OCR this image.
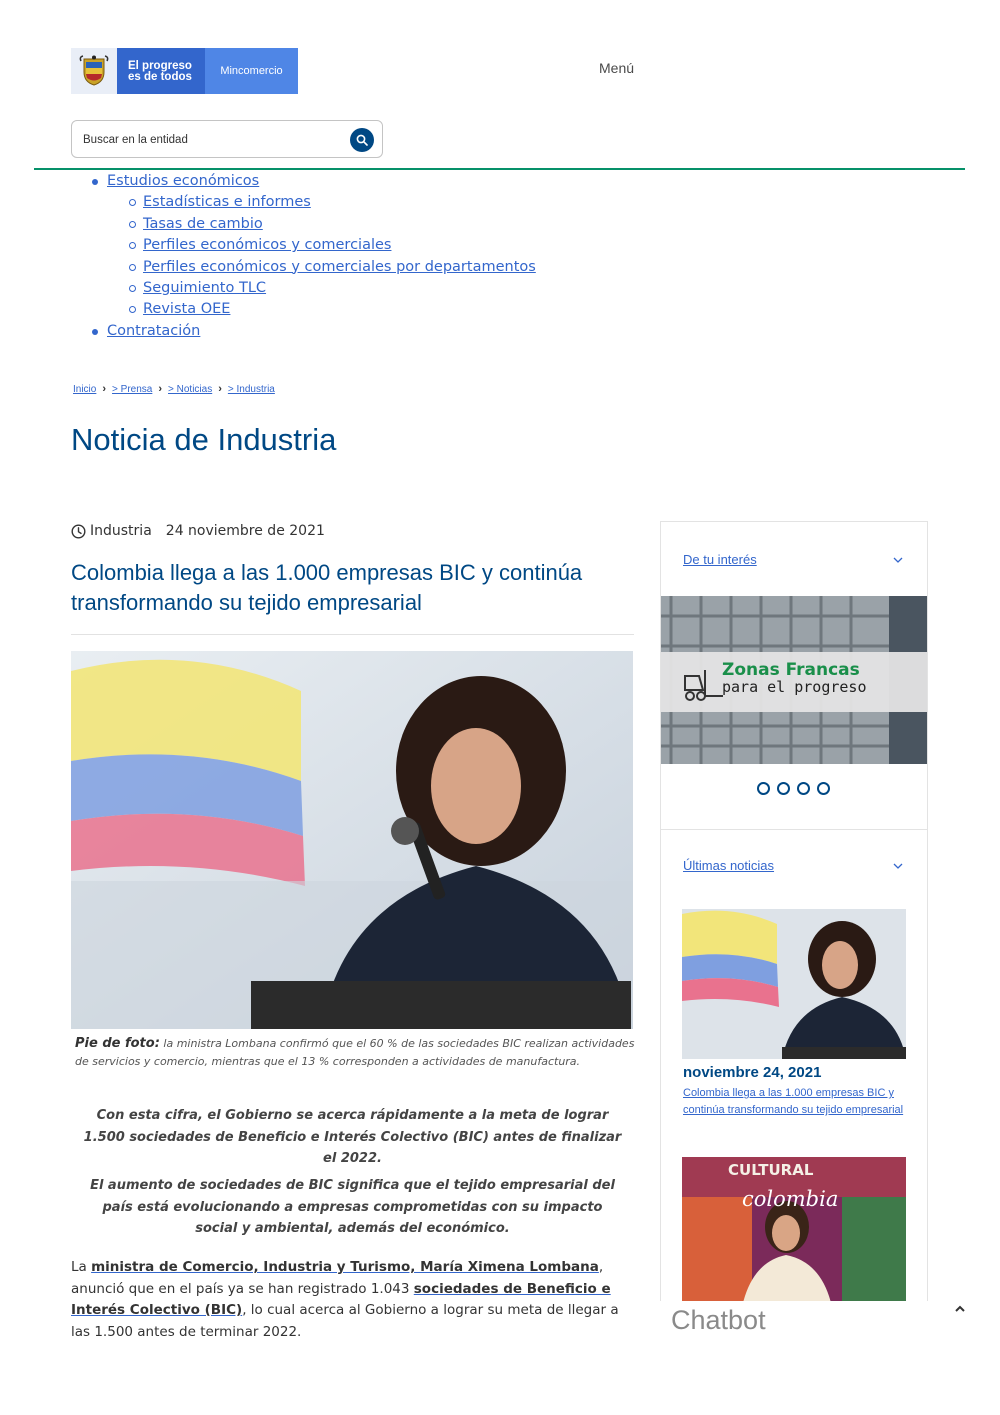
El progreso
es de todos	Mincomercio	Menú
Buscar en la entidad
Estudios económicos
Estadísticas e informes
Tasas de cambio
Perfiles económicos y comerciales
Perfiles económicos y comerciales por departamentos
Seguimiento TLC
Revista OEE
Contratación
Inicio › > Prensa › > Noticias › > Industria
Noticia de Industria
Industria 24 noviembre de 2021
Colombia llega a las 1.000 empresas BIC y continúa transformando su tejido empresarial
Pie de foto: la ministra Lombana confirmó que el 60 % de las sociedades BIC realizan actividades de servicios y comercio, mientras que el 13 % corresponden a actividades de manufactura.

Con esta cifra, el Gobierno se acerca rápidamente a la meta de lograr 1.500 sociedades de Beneficio e Interés Colectivo (BIC) antes de finalizar el 2022.

El aumento de sociedades de BIC significa que el tejido empresarial del país está evolucionando a empresas comprometidas con su impacto social y ambiental, además del económico.

La ministra de Comercio, Industria y Turismo, María Ximena Lombana, anunció que en el país ya se han registrado 1.043 sociedades de Beneficio e Interés Colectivo (BIC), lo cual acerca al Gobierno a lograr su meta de llegar a las 1.500 antes de terminar 2022.

De tu interés
Zonas Francas
para el progreso
Últimas noticias
noviembre 24, 2021
Colombia llega a las 1.000 empresas BIC y continúa transformando su tejido empresarial
CULTURAL
colombia
Chatbot
